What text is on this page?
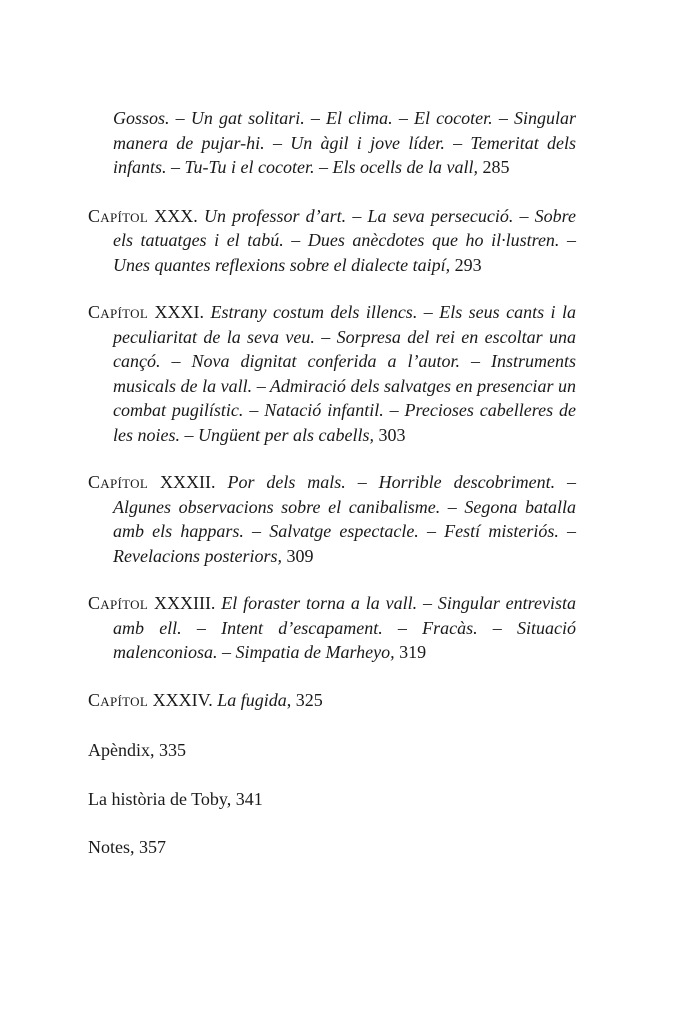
Gossos. – Un gat solitari. – El clima. – El cocoter. – Singular manera de pujar-hi. – Un àgil i jove líder. – Temeritat dels infants. – Tu-Tu i el cocoter. – Els ocells de la vall, 285

Capítol XXX. Un professor d’art. – La seva persecució. – Sobre els tatuatges i el tabú. – Dues anècdotes que ho il·lustren. – Unes quantes reflexions sobre el dialecte taipí, 293

Capítol XXXI. Estrany costum dels illencs. – Els seus cants i la peculiaritat de la seva veu. – Sorpresa del rei en escoltar una cançó. – Nova dignitat conferida a l’autor. – Instruments musicals de la vall. – Admiració dels salvatges en presenciar un combat pugilístic. – Natació infantil. – Precioses cabelleres de les noies. – Ungüent per als cabells, 303

Capítol XXXII. Por dels mals. – Horrible descobriment. – Algunes observacions sobre el canibalisme. – Segona batalla amb els happars. – Salvatge espectacle. – Festí misteriós. – Revelacions posteriors, 309

Capítol XXXIII. El foraster torna a la vall. – Singular entrevista amb ell. – Intent d’escapament. – Fracàs. – Situació malenconiosa. – Simpatia de Marheyo, 319

Capítol XXXIV. La fugida, 325

Apèndix, 335

La història de Toby, 341

Notes, 357
